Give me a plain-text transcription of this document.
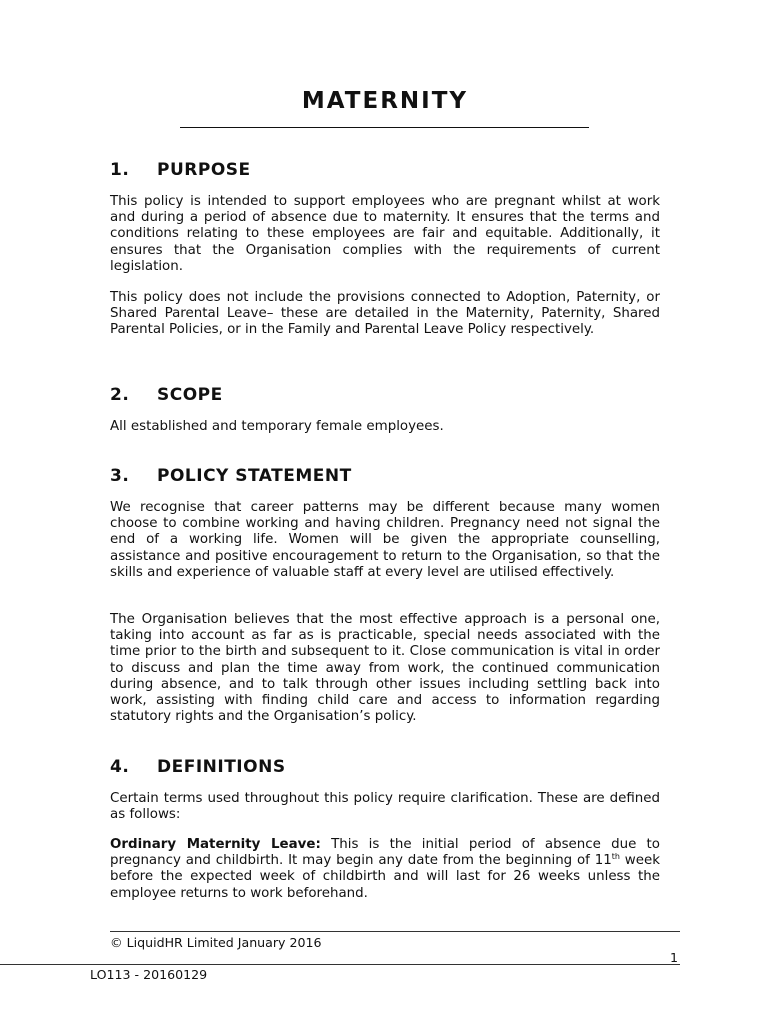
MATERNITY
1. PURPOSE

This policy is intended to support employees who are pregnant whilst at work and during a period of absence due to maternity. It ensures that the terms and conditions relating to these employees are fair and equitable. Additionally, it ensures that the Organisation complies with the requirements of current legislation.

This policy does not include the provisions connected to Adoption, Paternity, or Shared Parental Leave– these are detailed in the Maternity, Paternity, Shared Parental Policies, or in the Family and Parental Leave Policy respectively.

2. SCOPE

All established and temporary female employees.

3. POLICY STATEMENT

We recognise that career patterns may be different because many women choose to combine working and having children. Pregnancy need not signal the end of a working life. Women will be given the appropriate counselling, assistance and positive encouragement to return to the Organisation, so that the skills and experience of valuable staff at every level are utilised effectively.

The Organisation believes that the most effective approach is a personal one, taking into account as far as is practicable, special needs associated with the time prior to the birth and subsequent to it. Close communication is vital in order to discuss and plan the time away from work, the continued communication during absence, and to talk through other issues including settling back into work, assisting with finding child care and access to information regarding statutory rights and the Organisation’s policy.

4. DEFINITIONS

Certain terms used throughout this policy require clarification. These are defined as follows:

Ordinary Maternity Leave: This is the initial period of absence due to pregnancy and childbirth. It may begin any date from the beginning of 11th week before the expected week of childbirth and will last for 26 weeks unless the employee returns to work beforehand.

© LiquidHR Limited January 2016

1

LO113 - 20160129
